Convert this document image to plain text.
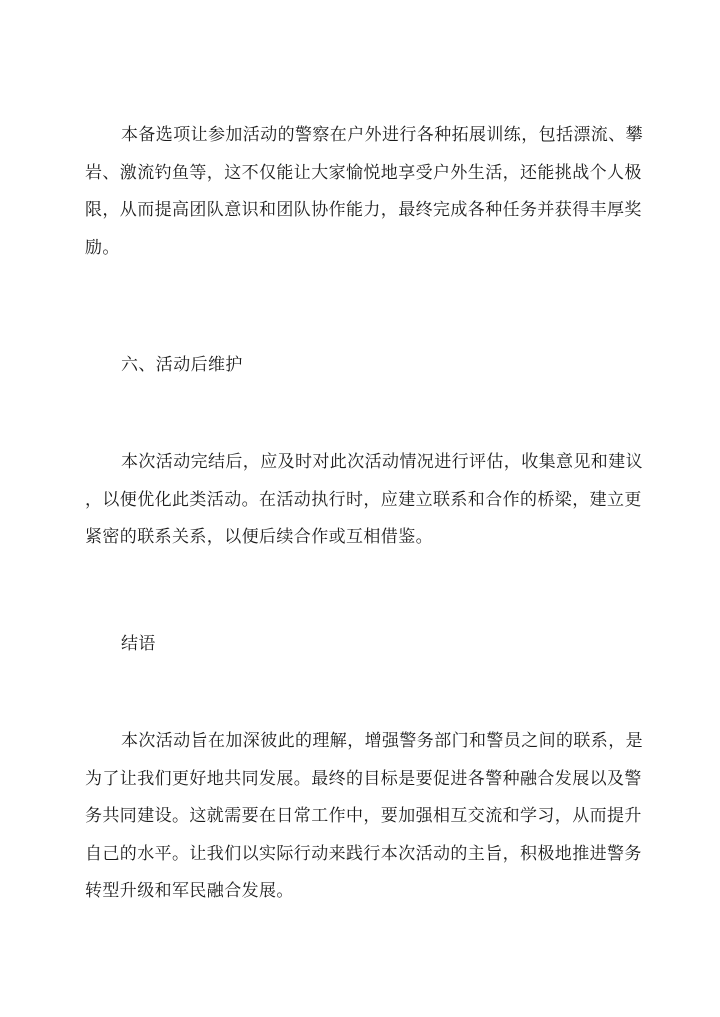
本备选项让参加活动的警察在户外进行各种拓展训练，包括漂流、攀
岩、激流钓鱼等，这不仅能让大家愉悦地享受户外生活，还能挑战个人极
限，从而提高团队意识和团队协作能力，最终完成各种任务并获得丰厚奖
励。
六、活动后维护
本次活动完结后，应及时对此次活动情况进行评估，收集意见和建议
，以便优化此类活动。在活动执行时，应建立联系和合作的桥梁，建立更
紧密的联系关系，以便后续合作或互相借鉴。
结语
本次活动旨在加深彼此的理解，增强警务部门和警员之间的联系，是
为了让我们更好地共同发展。最终的目标是要促进各警种融合发展以及警
务共同建设。这就需要在日常工作中，要加强相互交流和学习，从而提升
自己的水平。让我们以实际行动来践行本次活动的主旨，积极地推进警务
转型升级和军民融合发展。
